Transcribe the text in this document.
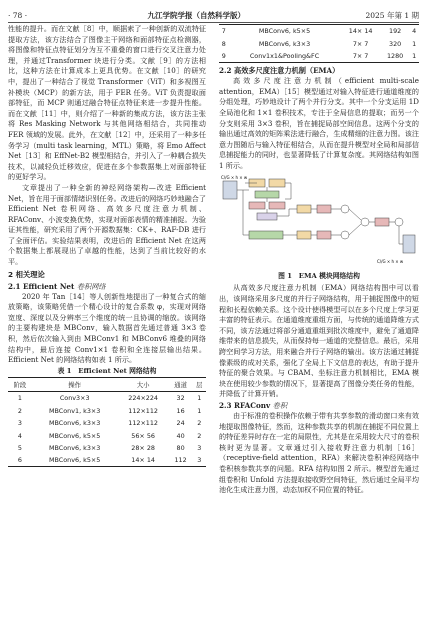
· 78 ·	九江学院学报（自然科学版）	2025 年第 1 期

性能的提升。而在文献［8］中，顺据索了一种创新的双流特征提取方法，该方法结合了图像主干网络和面部特征点检测器，将图像和特征点特征划分为互不重叠的窗口进行交叉注意力处理，并通过Transformer 块进行分类。文献［9］的方法相比，这种方法在计算成本上更具优势。在文献［10］的研究中，提出了一种结合了视觉 Transformer（ViT）和多视图互补模块（MCP）的新方法，用于 FER 任务。ViT 负责提取面部特征，而 MCP 则通过融合特征点特征来进一步提升性能。而在文献［11］中，则介绍了一种新的集成方法，该方法主张将 Res Masking Network 与其他网络相结合，共同推动 FER 领域的发展。此外，在文献［12］中，还采用了一种多任务学习（multi task learning，MTL）策略，将 Emo Affect Net［13］和 EffNet-B2 模型相结合，并引入了一种耦合损失技术，以减轻负迁移效应，促进在多个参数据集上对面部特征的更好学习。

文章提出了一种全新的神经网络架构—改进 Efficient Net，旨在用于面部情绪识别任务。改进后的网络巧妙地融合了 Efficient Net 卷积网络、高效多尺度注意力机制、RFAConv、小波变换优势，实现对面部表情的精准捕捉。为验证其性能，研究采用了两个开源数据集：CK+、RAF-DB 进行了全面评估。实验结果表明，改进后的 Efficient Net 在这两个数据集上都展现出了卓越的性能，达到了当前比较好的水平。

2 相关理论
2.1 Efficient Net 卷积网络

2020 年 Tan［14］等人创新性地提出了一种复合式的缩放策略，该策略凭借一个精心设计的复合系数 φ，实现对网络宽度、深度以及分辨率三个维度的统一且协调的缩放。该网络的主要构建块是 MBConv，输入数据首先通过普通 3×3 卷积，然后依次输入到由 MBConv1 和 MBConv6 堆叠的网络结构中，最后连接 Conv1×1 卷积和全连接层输出结果。Efficient Net 的网络结构如表 1 所示。

表 1　Efficient Net 网络结构
阶段	操作	大小	通道	层
1	Conv3×3	224×224	32	1
2	MBConv1, k3×3	112×112	16	1
3	MBConv6, k3×3	112×112	24	2
4	MBConv6, k5×5	56× 56	40	2
5	MBConv6, k3×3	28× 28	80	3
6	MBConv6, k5×5	14× 14	112	3
7	MBConv6, k5×5	14× 14	192	4
8	MBConv6, k3×3	7× 7	320	1
9	Conv1x1&Pooling&FC	7× 7	1280	1
2.2 高效多尺度注意力机制（EMA）

高效多尺度注意力机制（efficient multi-scale attention，EMA）［15］模型通过对输入特征进行通道维度的分组处理，巧妙地设计了两个并行分支。其中一个分支运用 1D 全局池化和 1×1 卷积技术，专注于全局信息的提取；而另一个分支则采用 3×3 卷积，旨在捕捉局部空间信息。这两个分支的输出通过高效的矩阵乘法进行融合，生成精细的注意力图。该注意力图随后与输入特征相结合，从而在提升模型对全局和局部信息捕捉能力的同时，也显著降低了计算复杂度。其网络结构如图 1 所示。

C//G × h × w
C//G × h × w
图 1　EMA 模块网络结构

从高效多尺度注意力机制（EMA）网络结构图中可以看出，该网络采用多尺度的并行子网络结构，用于捕捉图像中的短程和长程依赖关系。这个设计使得模型可以在多个尺度上学习更丰富的特征表示。在通道维度重组方面，与传统的通道降维方式不同，该方法通过将部分通道重组到批次维度中，避免了通道降维带来的信息损失，从而保持每一通道的完整信息。最后，采用跨空间学习方法，用来融合并行子网络的输出。该方法通过捕捉像素级的成对关系，强化了全局上下文信息的表达，有助于提升特征的聚合效果。与 CBAM、坐标注意力机制相比，EMA 模块在使用较少参数的情况下，显著提高了图像分类任务的性能，并降低了计算开销。

2.3 RFAConv 卷积

由于标准的卷积操作依赖于带有共享参数的滑动窗口来有效地提取图像特征，然而，这种参数共享的机制在捕捉不同位置上的特征差异时存在一定的局限性，尤其是在采用较大尺寸的卷积核时更为显著。文章通过引入接收野注意力机制［16］（receptive-field attention，RFA）来解决卷积神经网络中卷积核参数共享的问题。RFA 结构如图 2 所示。模型首先通过组卷积和 Unfold 方法提取接收野空间特征，然后通过全局平均池化生成注意力图，动态加权不同位置的特征。
